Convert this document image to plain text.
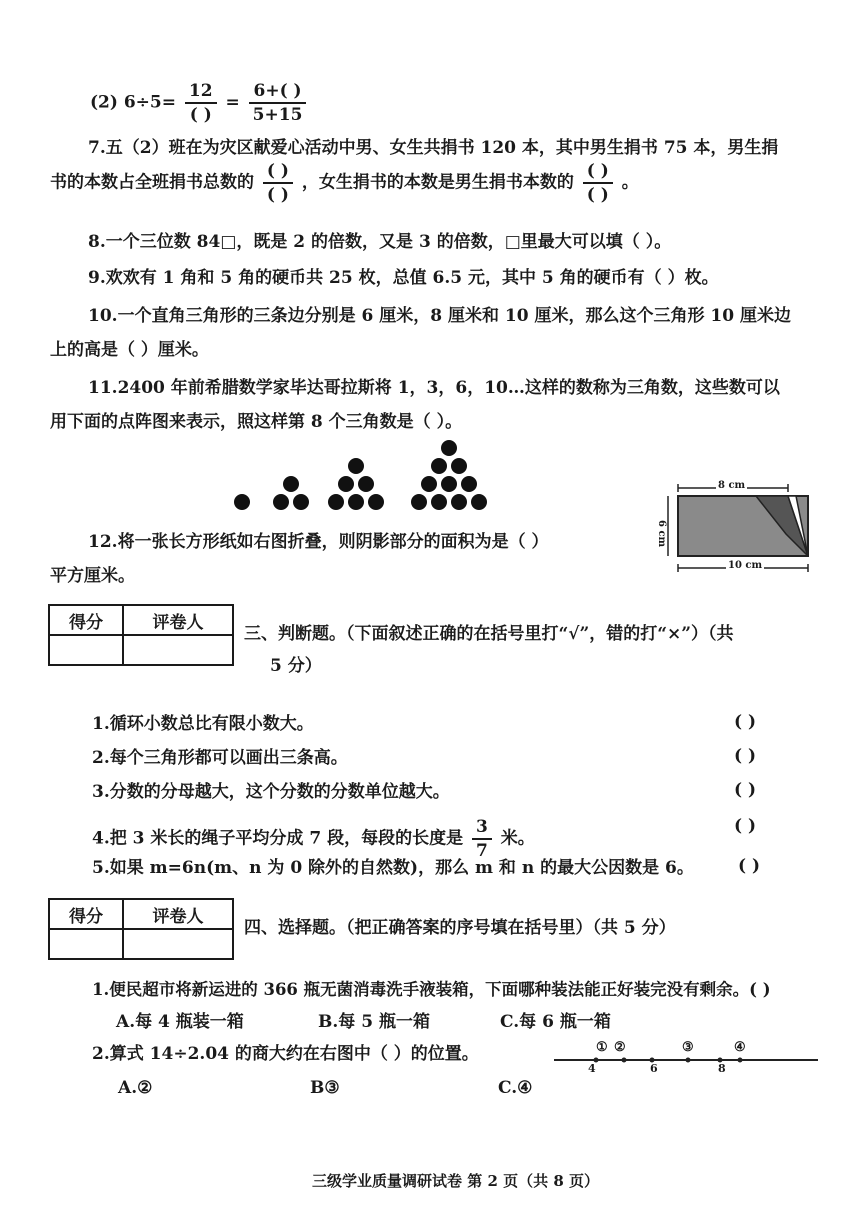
(2) $6\div 5= \frac{12}{( )} = \frac{6+( )}{5+15}$
7.五（2）班在为灾区献爱心活动中男、女生共捐书 120 本，其中男生捐书 75 本，男生捐
书的本数占全班捐书总数的 $\frac{( )}{( )}$ ，女生捐书的本数是男生捐书本数的 $\frac{( )}{( )}$ 。
8.一个三位数 84□，既是 2 的倍数，又是 3 的倍数，□里最大可以填（ ）。
9.欢欢有 1 角和 5 角的硬币共 25 枚，总值 6.5 元，其中 5 角的硬币有（ ）枚。
10.一个直角三角形的三条边分别是 6 厘米，8 厘米和 10 厘米，那么这个三角形 10 厘米边
上的高是（ ）厘米。
11.2400 年前希腊数学家毕达哥拉斯将 1，3，6，10…这样的数称为三角数，这些数可以
用下面的点阵图来表示，照这样第 8 个三角数是（ ）。
12.将一张长方形纸如右图折叠，则阴影部分的面积为是（ ）
平方厘米。
8 cm
6 cm
10 cm
得分	评卷人

三、判断题。（下面叙述正确的在括号里打“√”，错的打“×”）（共
5 分）
1.循环小数总比有限小数大。
2.每个三角形都可以画出三条高。
3.分数的分母越大，这个分数的分数单位越大。
4.把 3 米长的绳子平均分成 7 段，每段的长度是 $\frac{3}{7}$ 米。
5.如果 m=6n(m、n 为 0 除外的自然数)，那么 m 和 n 的最大公因数是 6。
( )
( )
( )
( )
( )
得分	评卷人

四、选择题。（把正确答案的序号填在括号里）（共 5 分）
1.便民超市将新运进的 366 瓶无菌消毒洗手液装箱，下面哪种装法能正好装完没有剩余。( )
A.每 4 瓶装一箱	B.每 5 瓶一箱	C.每 6 瓶一箱
2.算式 14÷2.04 的商大约在右图中（ ）的位置。
A.②	B③	C.④
4	6	8
① ②	③	④
三级学业质量调研试卷 第 2 页（共 8 页）
